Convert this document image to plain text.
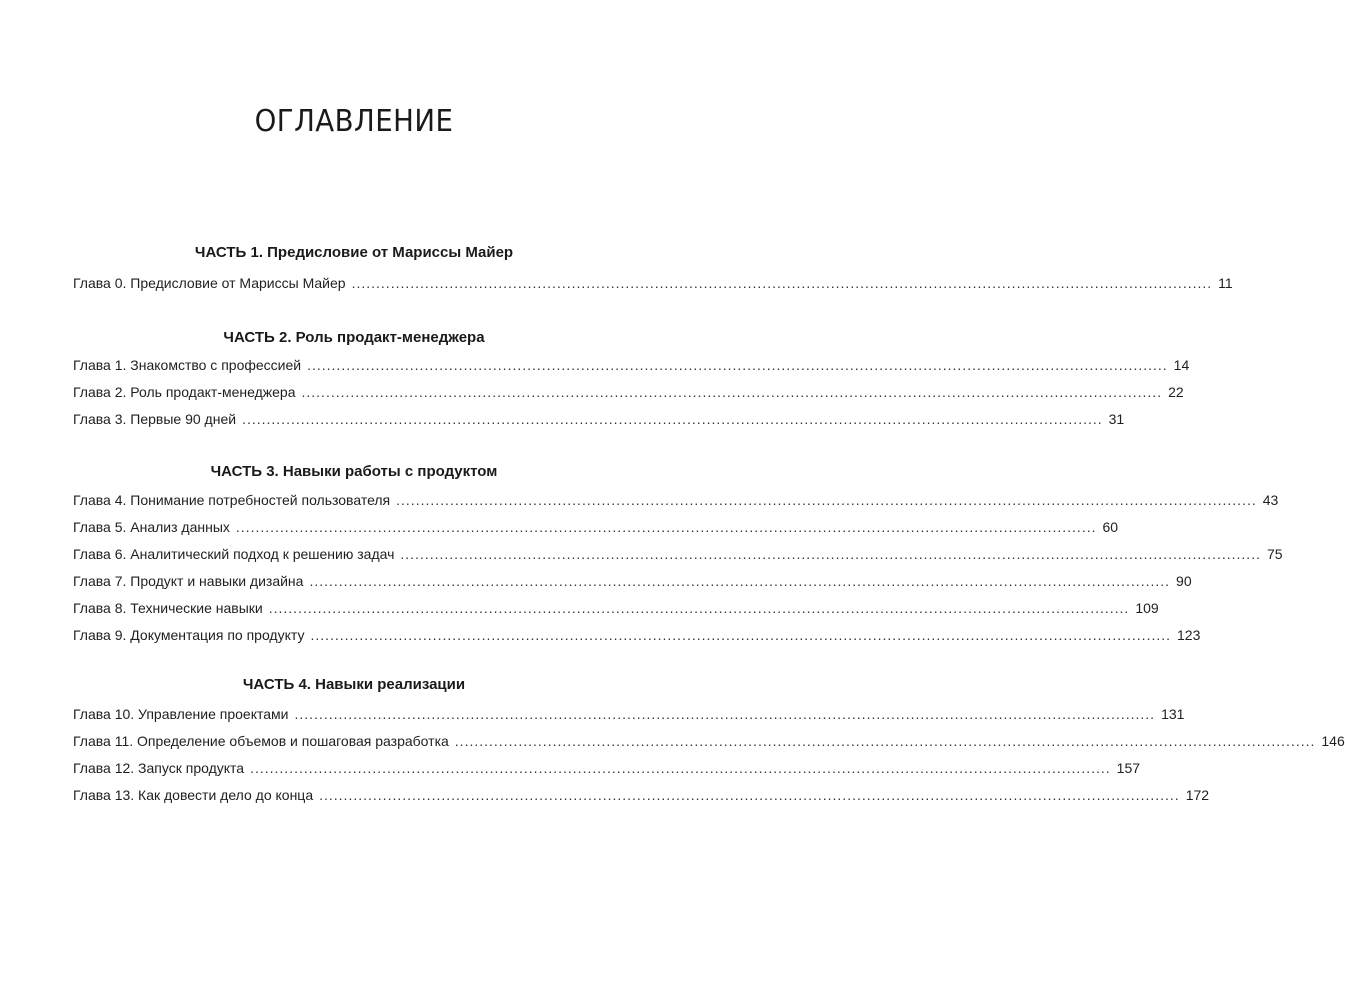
ОГЛАВЛЕНИЕ
ЧАСТЬ 1. Предисловие от Мариссы Майер
Глава 0. Предисловие от Мариссы Майер ................................................................................................................................................................................ 11
ЧАСТЬ 2. Роль продакт-менеджера
Глава 1. Знакомство с профессией ................................................................................................................................................................................ 14
Глава 2. Роль продакт-менеджера ................................................................................................................................................................................ 22
Глава 3. Первые 90 дней ................................................................................................................................................................................ 31
ЧАСТЬ 3. Навыки работы с продуктом
Глава 4. Понимание потребностей пользователя ................................................................................................................................................................................ 43
Глава 5. Анализ данных ................................................................................................................................................................................ 60
Глава 6. Аналитический подход к решению задач ................................................................................................................................................................................ 75
Глава 7. Продукт и навыки дизайна ................................................................................................................................................................................ 90
Глава 8. Технические навыки ................................................................................................................................................................................ 109
Глава 9. Документация по продукту ................................................................................................................................................................................ 123
ЧАСТЬ 4. Навыки реализации
Глава 10. Управление проектами ................................................................................................................................................................................ 131
Глава 11. Определение объемов и пошаговая разработка ................................................................................................................................................................................ 146
Глава 12. Запуск продукта ................................................................................................................................................................................ 157
Глава 13. Как довести дело до конца ................................................................................................................................................................................ 172
